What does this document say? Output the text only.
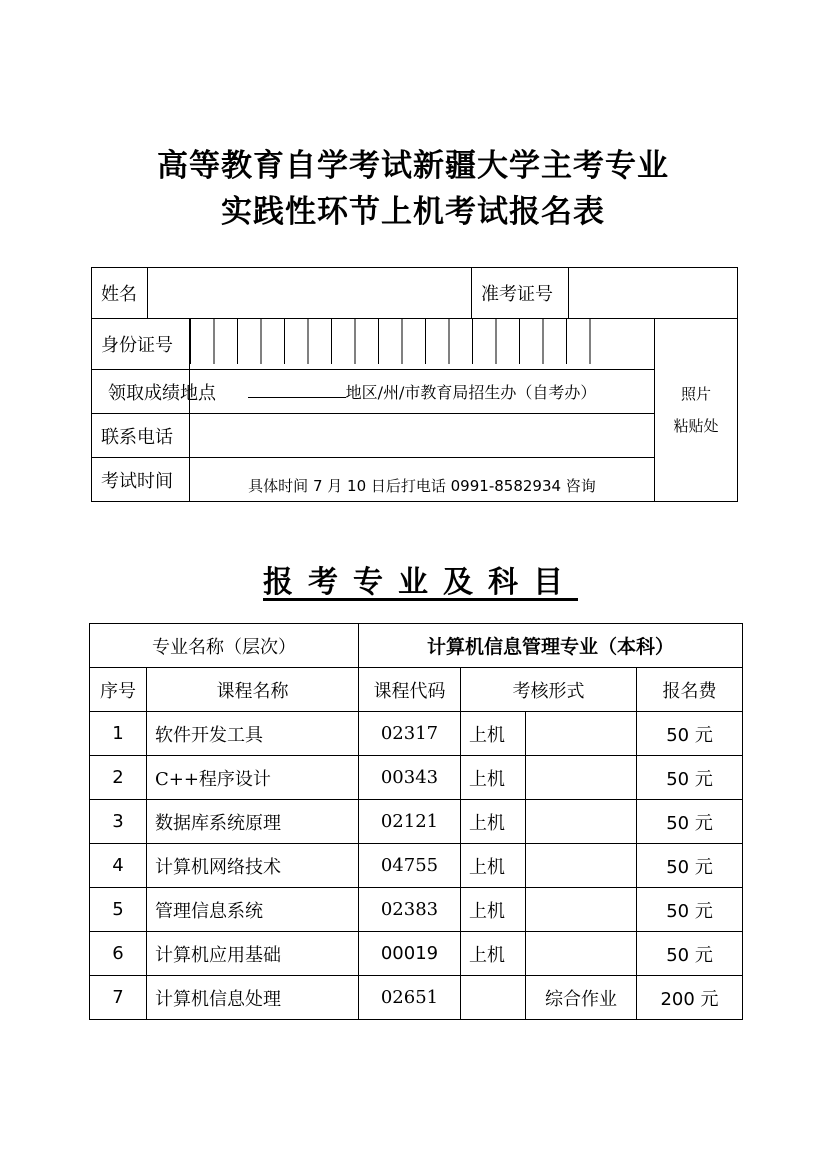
高等教育自学考试新疆大学主考专业
实践性环节上机考试报名表
姓名			准考证号		
身份证号					照片
粘贴处

领取成绩地点		地区/州/市教育局招生办（自考办）			
联系电话					
考试时间		具体时间 7 月 10 日后打电话 0991-8582934 咨询			
报考专业及科目
专业名称（层次）		计算机信息管理专业（本科）			
序号	课程名称	课程代码	考核形式		报名费
1	软件开发工具	02317	上机		50 元
2	C++程序设计	00343	上机		50 元
3	数据库系统原理	02121	上机		50 元
4	计算机网络技术	04755	上机		50 元
5	管理信息系统	02383	上机		50 元
6	计算机应用基础	00019	上机		50 元
7	计算机信息处理	02651		综合作业	200 元
